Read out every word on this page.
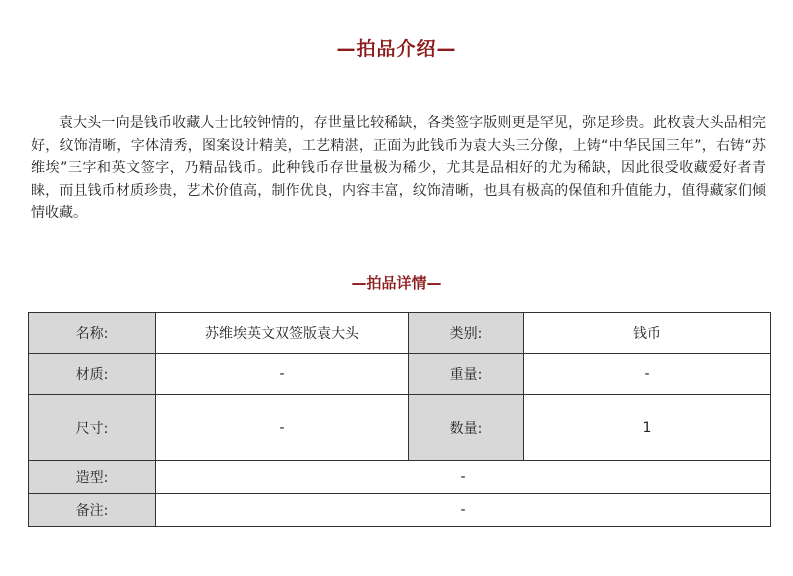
—拍品介绍—

袁大头一向是钱币收藏人士比较钟情的，存世量比较稀缺，各类签字版则更是罕见，弥足珍贵。此枚袁大头品相完好，纹饰清晰，字体清秀，图案设计精美，工艺精湛，正面为此钱币为袁大头三分像，上铸“中华民国三年”，右铸“苏维埃”三字和英文签字，乃精品钱币。此种钱币存世量极为稀少，尤其是品相好的尤为稀缺，因此很受收藏爱好者青睐，而且钱币材质珍贵，艺术价值高，制作优良，内容丰富，纹饰清晰，也具有极高的保值和升值能力，值得藏家们倾情收藏。

—拍品详情—
名称:	苏维埃英文双签版袁大头	类别:	钱币
材质:	-	重量:	-
尺寸:	-	数量:	1
造型:	-		
备注:	-		
